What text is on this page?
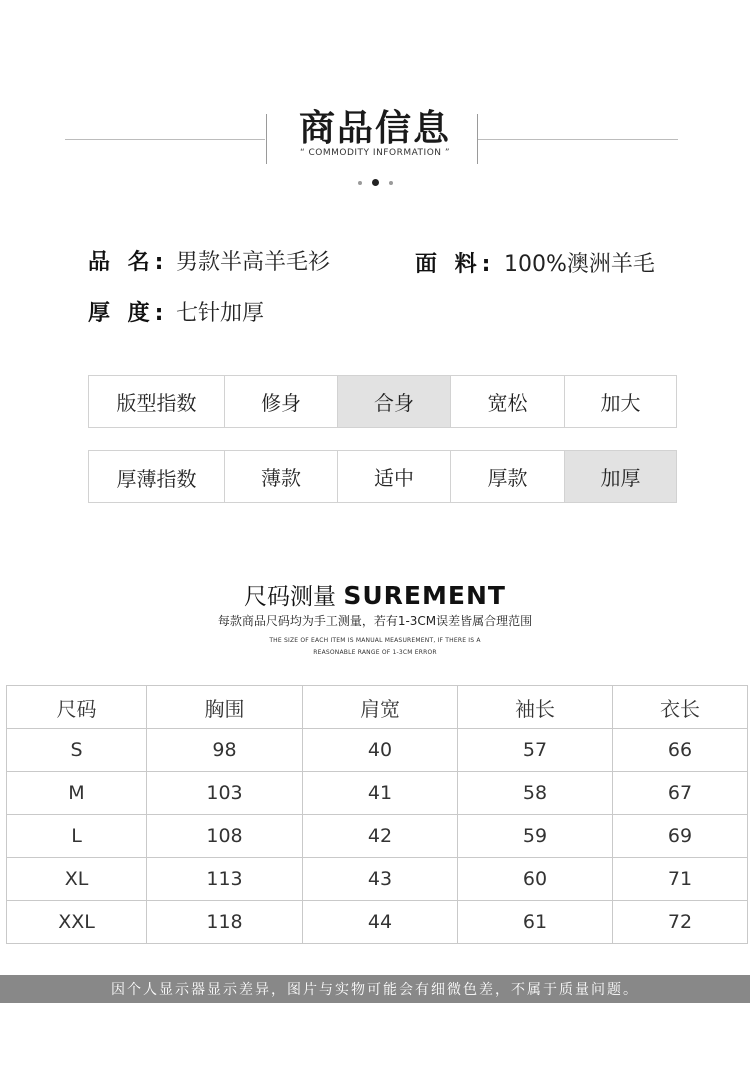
商品信息
“ COMMODITY INFORMATION ”
品 名: 男款半高羊毛衫	面 料: 100%澳洲羊毛
厚 度: 七针加厚
版型指数	修身	合身	宽松	加大
厚薄指数	薄款	适中	厚款	加厚
尺码测量 SUREMENT
每款商品尺码均为手工测量，若有1-3CM误差皆属合理范围
THE SIZE OF EACH ITEM IS MANUAL MEASUREMENT, IF THERE IS A
REASONABLE RANGE OF 1-3CM ERROR
尺码	胸围	肩宽	袖长	衣长
S	98	40	57	66
M	103	41	58	67
L	108	42	59	69
XL	113	43	60	71
XXL	118	44	61	72
因个人显示器显示差异，图片与实物可能会有细微色差，不属于质量问题。
